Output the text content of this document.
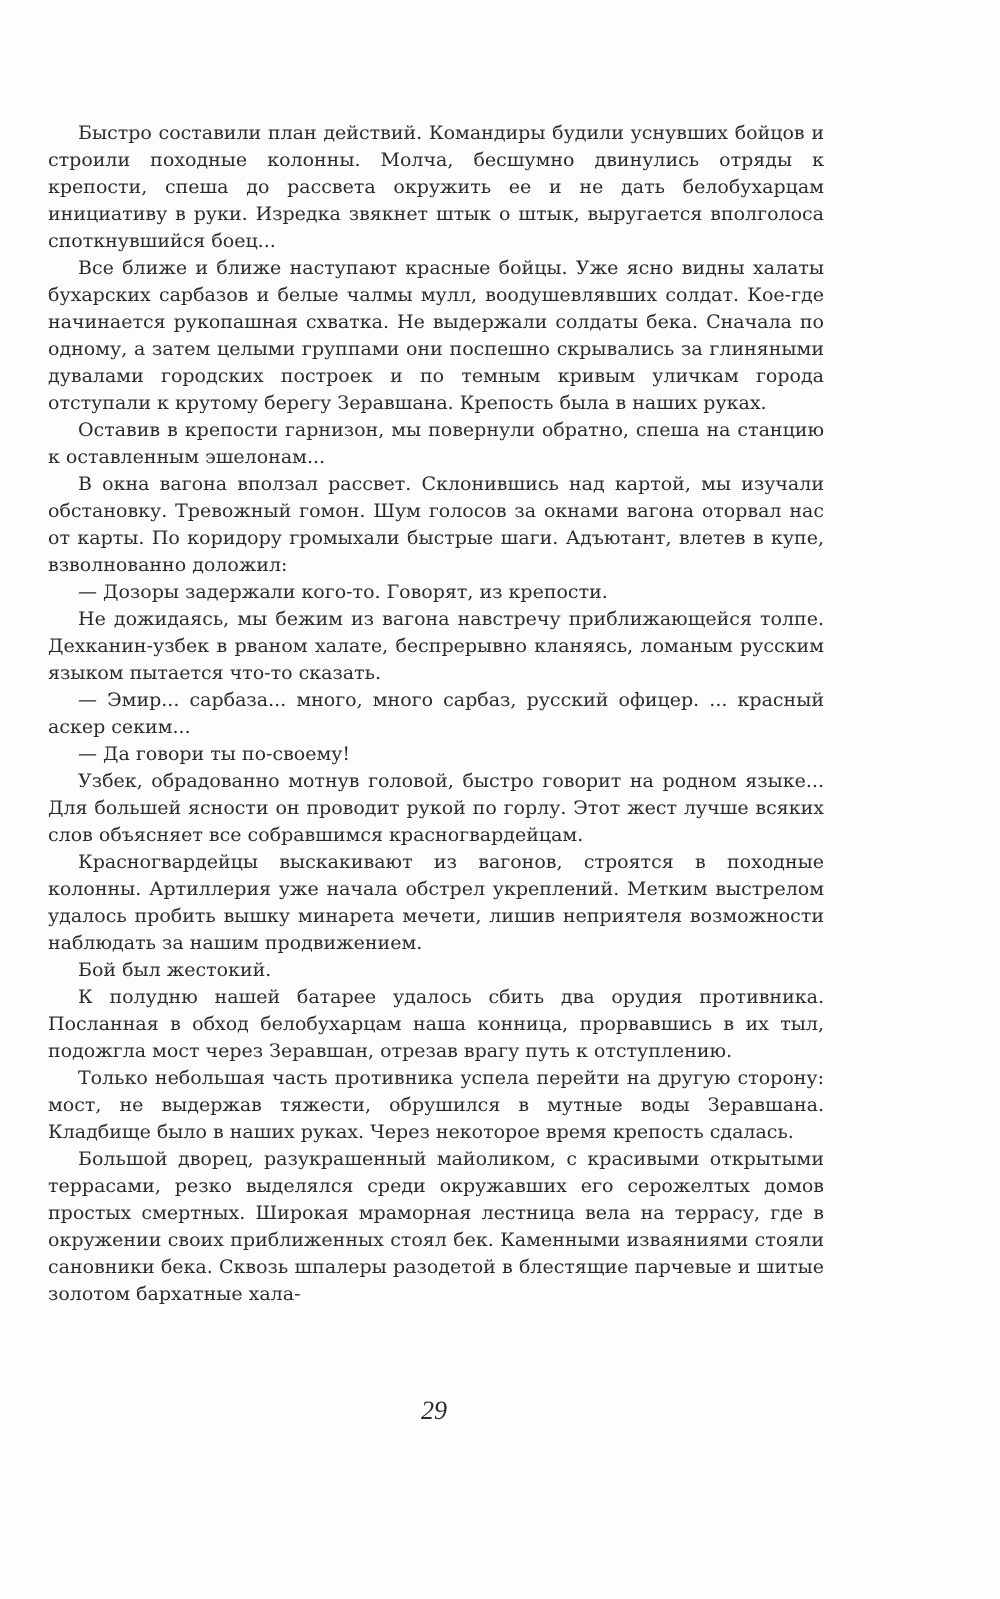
Быстро составили план действий. Командиры будили уснувших бойцов и строили походные колонны. Молча, бесшумно двинулись отряды к крепости, спеша до рассвета окружить ее и не дать белобухарцам инициативу в руки. Изредка звякнет штык о штык, выругается вполголоса споткнувшийся боец...

Все ближе и ближе наступают красные бойцы. Уже ясно видны халаты бухарских сарбазов и белые чалмы мулл, воодушевлявших солдат. Кое-где начинается рукопашная схватка. Не выдержали солдаты бека. Сначала по одному, а затем целыми группами они поспешно скрывались за глиняными дувалами городских построек и по темным кривым уличкам города отступали к крутому берегу Зеравшана. Крепость была в наших руках.

Оставив в крепости гарнизон, мы повернули обратно, спеша на станцию к оставленным эшелонам...

В окна вагона вползал рассвет. Склонившись над картой, мы изучали обстановку. Тревожный гомон. Шум голосов за окнами вагона оторвал нас от карты. По коридору громыхали быстрые шаги. Адъютант, влетев в купе, взволнованно доложил:

— Дозоры задержали кого-то. Говорят, из крепости.

Не дожидаясь, мы бежим из вагона навстречу приближающейся толпе. Дехканин-узбек в рваном халате, беспрерывно кланяясь, ломаным русским языком пытается что-то сказать.

— Эмир... сарбаза... много, много сарбаз, русский офицер. ... красный аскер секим...

— Да говори ты по-своему!

Узбек, обрадованно мотнув головой, быстро говорит на родном языке... Для большей ясности он проводит рукой по горлу. Этот жест лучше всяких слов объясняет все собравшимся красногвардейцам.

Красногвардейцы выскакивают из вагонов, строятся в походные колонны. Артиллерия уже начала обстрел укреплений. Метким выстрелом удалось пробить вышку минарета мечети, лишив неприятеля возможности наблюдать за нашим продвижением.

Бой был жестокий.

К полудню нашей батарее удалось сбить два орудия противника. Посланная в обход белобухарцам наша конница, прорвавшись в их тыл, подожгла мост через Зеравшан, отрезав врагу путь к отступлению.

Только небольшая часть противника успела перейти на другую сторону: мост, не выдержав тяжести, обрушился в мутные воды Зеравшана. Кладбище было в наших руках. Через некоторое время крепость сдалась.

Большой дворец, разукрашенный майоликом, с красивыми открытыми террасами, резко выделялся среди окружавших его серожелтых домов простых смертных. Широкая мраморная лестница вела на террасу, где в окружении своих приближенных стоял бек. Каменными изваяниями стояли сановники бека. Сквозь шпалеры разодетой в блестящие парчевые и шитые золотом бархатные хала-

29
